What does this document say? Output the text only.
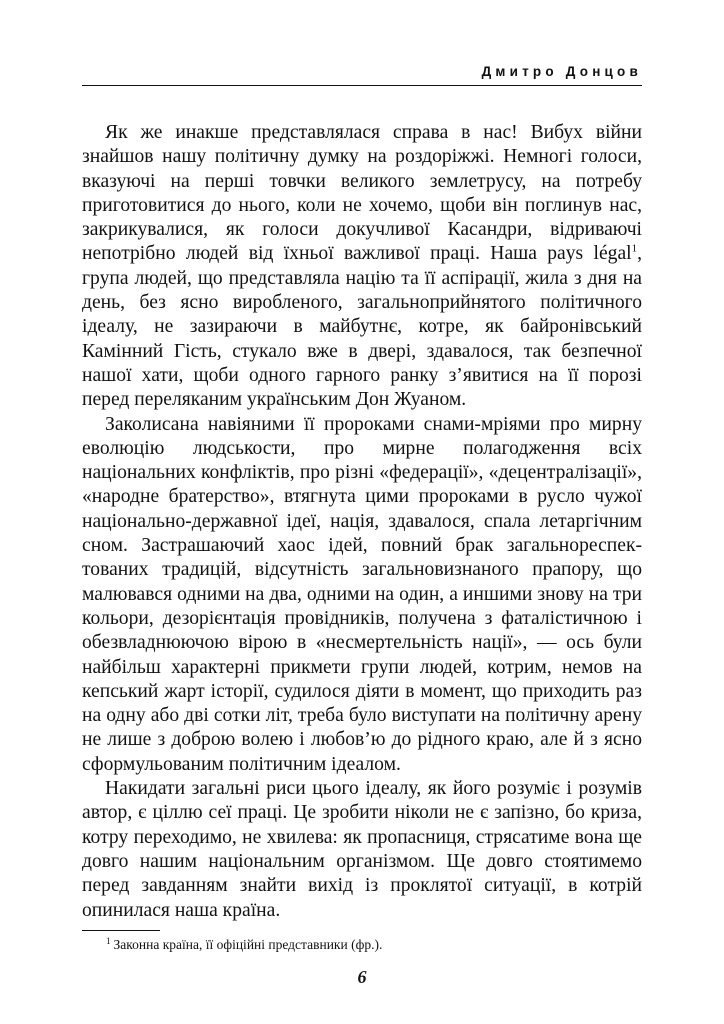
Дмитро Донцов

Як же инакше представлялася справа в нас! Вибух війни знайшов нашу політичну думку на роздоріжжі. Немногі голоси, вказуючі на перші товчки великого землетрусу, на потребу приготовитися до нього, коли не хочемо, щоби він поглинув нас, закрикувалися, як голоси докучливої Касандри, відриваючі непотрібно людей від їхньої важливої праці. Наша pays légal$^1$, група людей, що представляла націю та її аспірації, жила з дня на день, без ясно виробленого, загальноприйнятого політичного ідеалу, не зазираючи в майбутнє, котре, як байронівський Камінний Гість, стукало вже в двері, здавалося, так безпечної нашої хати, щоби одного гарного ранку з’явитися на її порозі перед переляканим українським Дон Жуаном.

Заколисана навіяними її пророками снами-мріями про мирну еволюцію людськости, про мирне полагодження всіх національних конфліктів, про різні «федерації», «децентралізації», «народне братерство», втягнута цими пророками в русло чужої національно-державної ідеї, нація, здавалося, спала летаргічним сном. Застрашаючий хаос ідей, повний брак загальнореспек-тованих традицій, відсутність загальновизнаного прапору, що малювався одними на два, одними на один, а иншими знову на три кольори, дезорієнтація провідників, получена з фаталістичною і обезвладнюючою вірою в «несмертельність нації», — ось були найбільш характерні прикмети групи людей, котрим, немов на кепський жарт історії, судилося діяти в момент, що приходить раз на одну або дві сотки літ, треба було виступати на політичну арену не лише з доброю волею і любов’ю до рідного краю, але й з ясно сформульованим політичним ідеалом.

Накидати загальні риси цього ідеалу, як його розуміє і розумів автор, є ціллю сеї праці. Це зробити ніколи не є запізно, бо криза, котру переходимо, не хвилева: як пропасниця, стрясатиме вона ще довго нашим національним організмом. Ще довго стоятимемо перед завданням знайти вихід із проклятої ситуації, в котрій опинилася наша країна.

$^1$ Законна країна, її офіційні представники (фр.).
6
